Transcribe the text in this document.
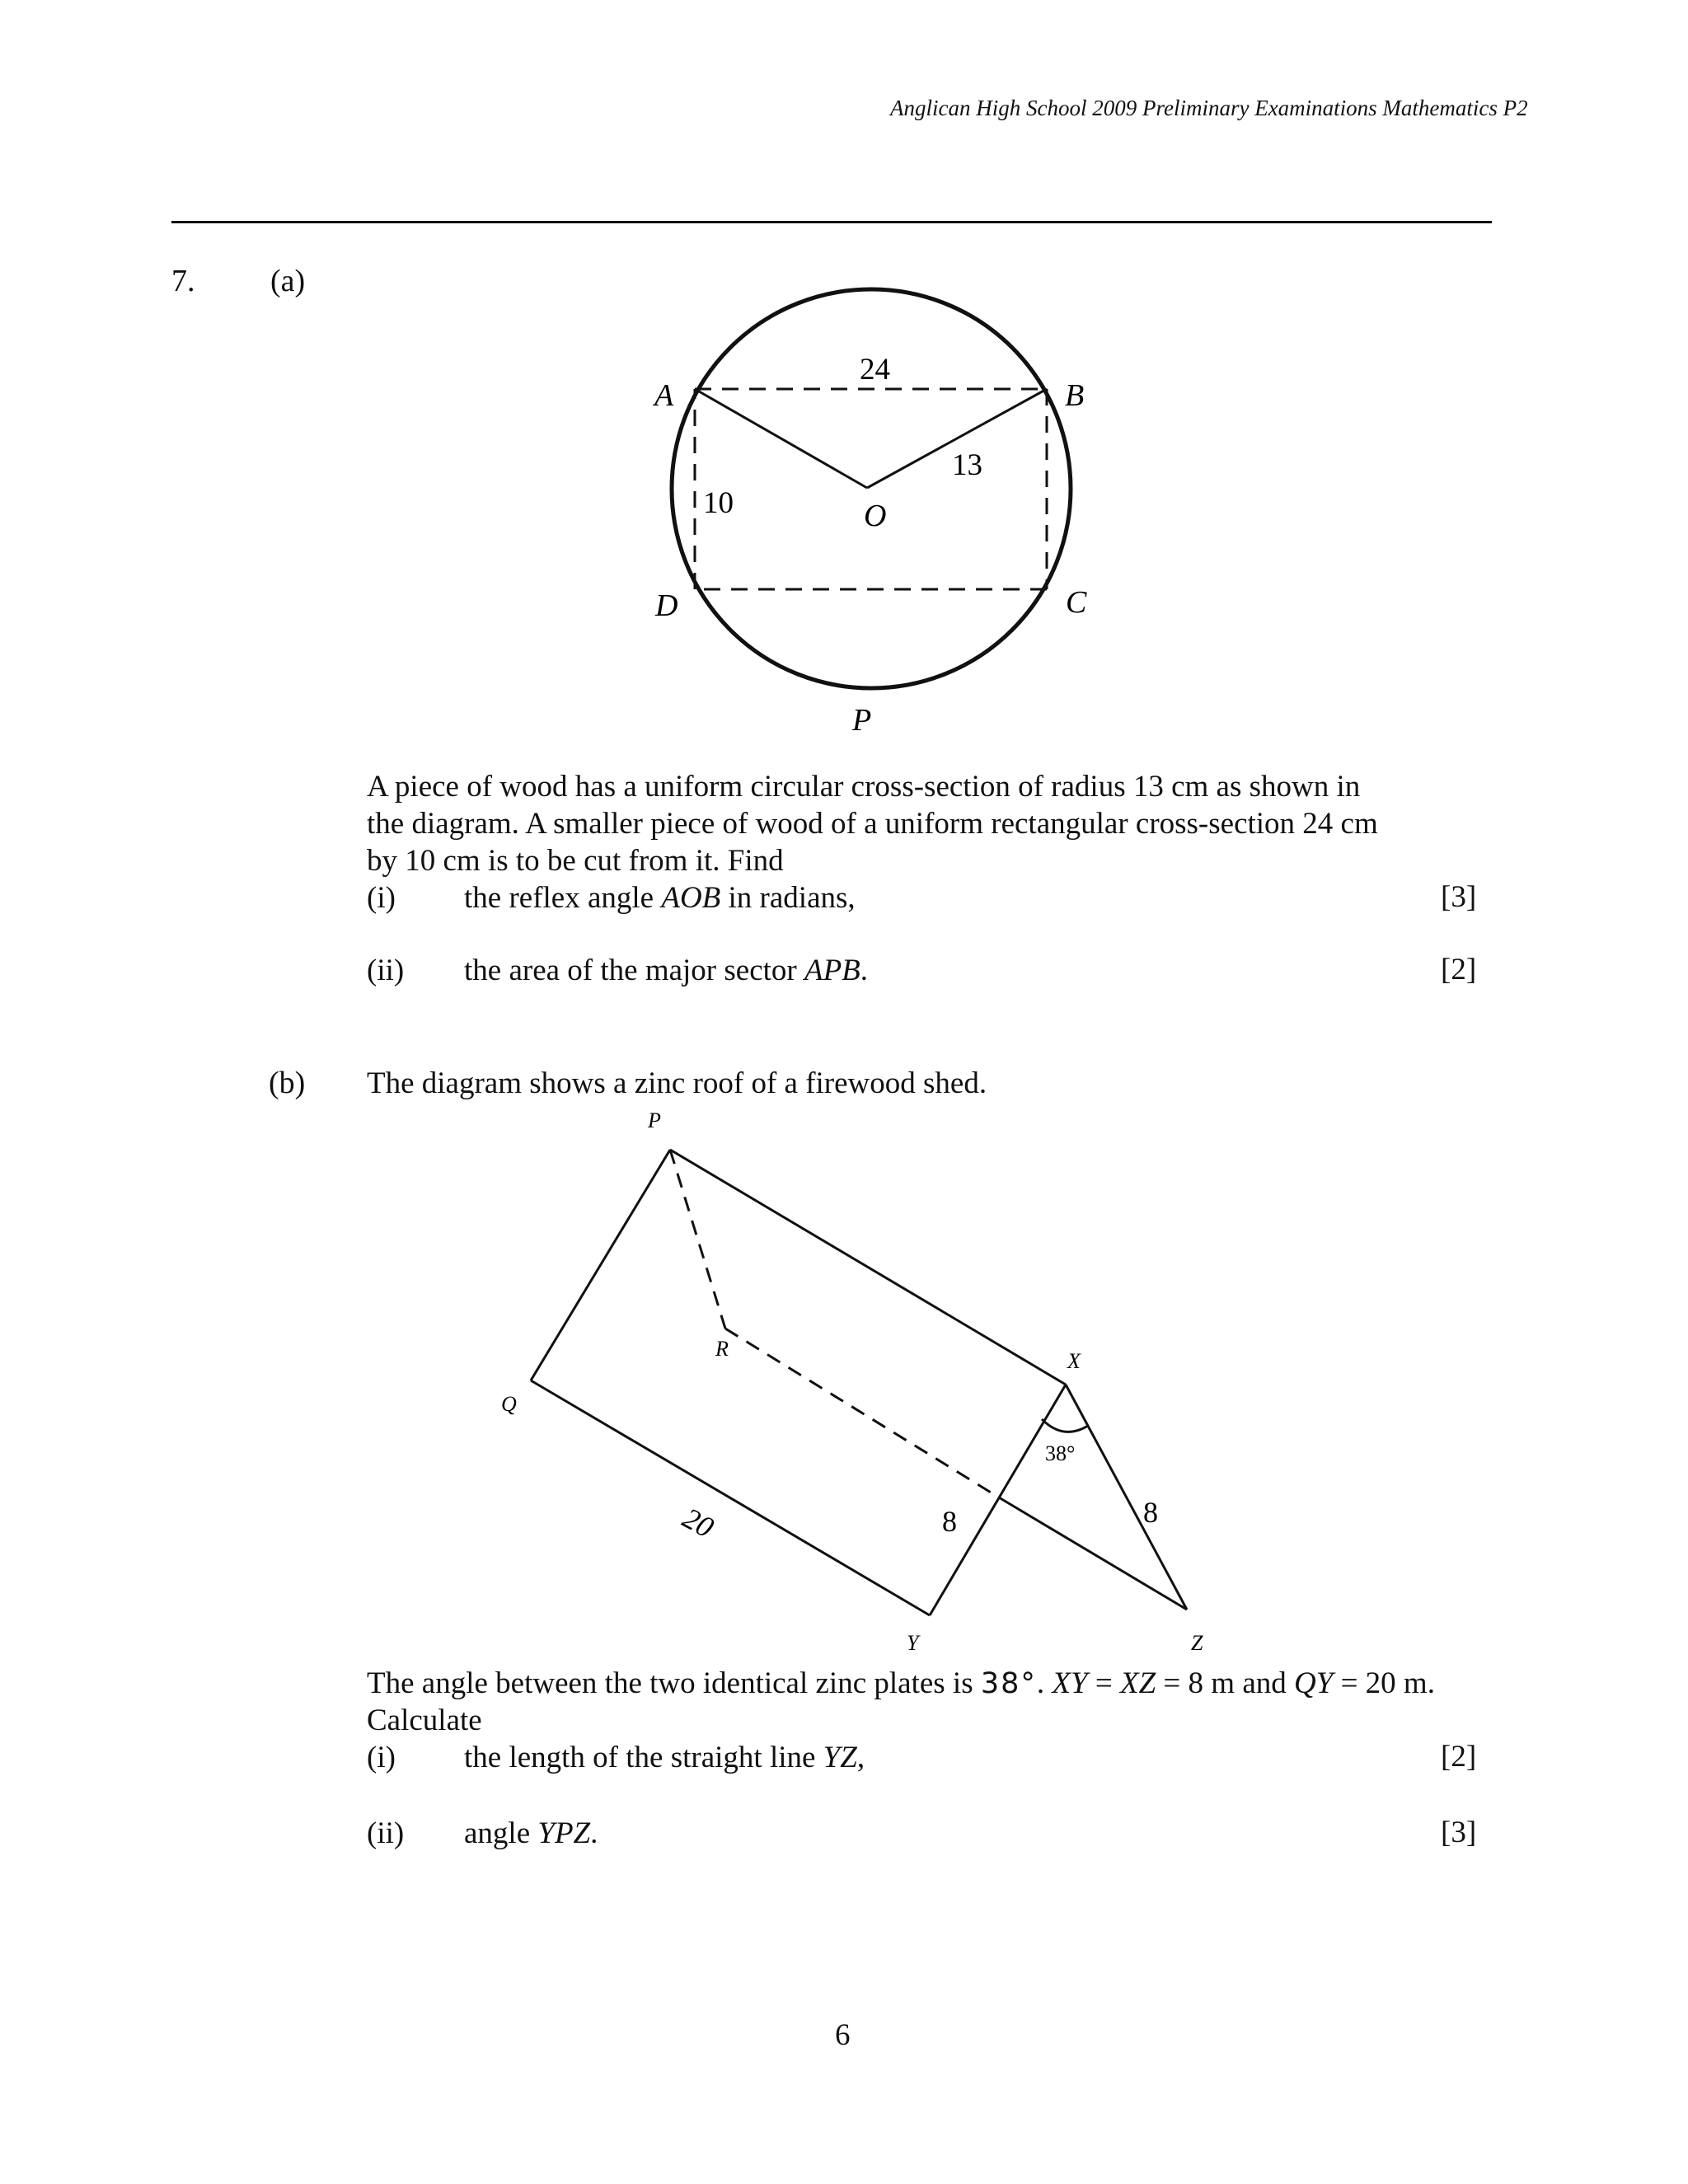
Anglican High School 2009 Preliminary Examinations Mathematics P2
7. (a)
A	B
C
D
O
P
24
13
10
A piece of wood has a uniform circular cross-section of radius 13 cm as shown in
the diagram. A smaller piece of wood of a uniform rectangular cross-section 24 cm
by 10 cm is to be cut from it. Find
(i) the reflex angle AOB in radians,	[3]
(ii) the area of the major sector APB.	[2]
(b) The diagram shows a zinc roof of a firewood shed.
P
Q
R
X
Y	Z
38°
20	8	8
The angle between the two identical zinc plates is 38°. XY = XZ = 8 m and QY = 20 m.
Calculate
(i) the length of the straight line YZ,	[2]
(ii) angle YPZ.	[3]
6
